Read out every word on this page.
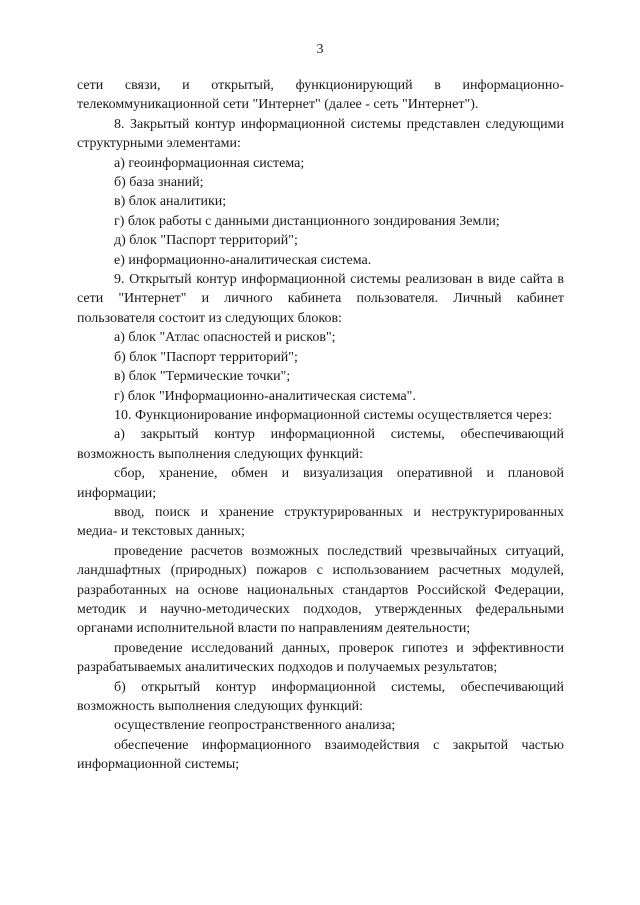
3

сети связи, и открытый, функционирующий в информационно-телекоммуникационной сети "Интернет" (далее - сеть "Интернет").

8. Закрытый контур информационной системы представлен следующими структурными элементами:

а) геоинформационная система;

б) база знаний;

в) блок аналитики;

г) блок работы с данными дистанционного зондирования Земли;

д) блок "Паспорт территорий";

е) информационно-аналитическая система.

9. Открытый контур информационной системы реализован в виде сайта в сети "Интернет" и личного кабинета пользователя. Личный кабинет пользователя состоит из следующих блоков:

а) блок "Атлас опасностей и рисков";

б) блок "Паспорт территорий";

в) блок "Термические точки";

г) блок "Информационно-аналитическая система".

10. Функционирование информационной системы осуществляется через:

а) закрытый контур информационной системы, обеспечивающий возможность выполнения следующих функций:

сбор, хранение, обмен и визуализация оперативной и плановой информации;

ввод, поиск и хранение структурированных и неструктурированных медиа- и текстовых данных;

проведение расчетов возможных последствий чрезвычайных ситуаций, ландшафтных (природных) пожаров с использованием расчетных модулей, разработанных на основе национальных стандартов Российской Федерации, методик и научно-методических подходов, утвержденных федеральными органами исполнительной власти по направлениям деятельности;

проведение исследований данных, проверок гипотез и эффективности разрабатываемых аналитических подходов и получаемых результатов;

б) открытый контур информационной системы, обеспечивающий возможность выполнения следующих функций:

осуществление геопространственного анализа;

обеспечение информационного взаимодействия с закрытой частью информационной системы;
